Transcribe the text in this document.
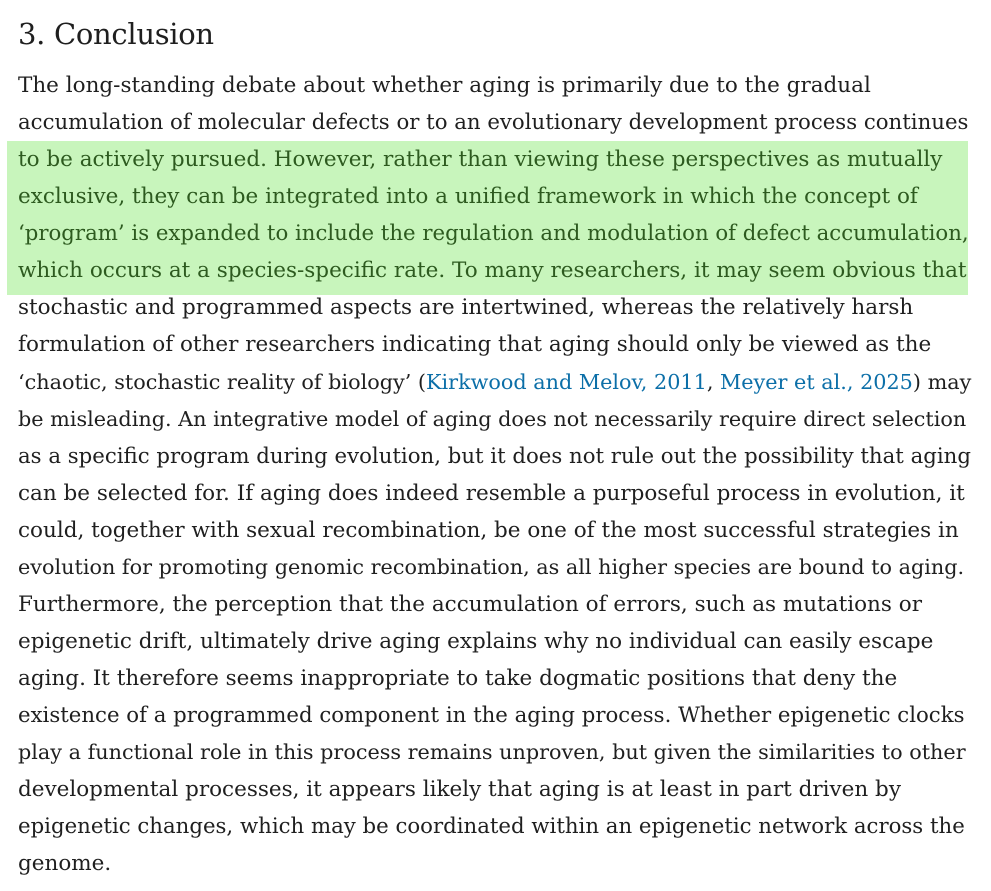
3. Conclusion
The long-standing debate about whether aging is primarily due to the gradual
accumulation of molecular defects or to an evolutionary development process continues
to be actively pursued. However, rather than viewing these perspectives as mutually
exclusive, they can be integrated into a unified framework in which the concept of
‘program’ is expanded to include the regulation and modulation of defect accumulation,
which occurs at a species-specific rate. To many researchers, it may seem obvious that
stochastic and programmed aspects are intertwined, whereas the relatively harsh
formulation of other researchers indicating that aging should only be viewed as the
‘chaotic, stochastic reality of biology’ (Kirkwood and Melov, 2011, Meyer et al., 2025) may
be misleading. An integrative model of aging does not necessarily require direct selection
as a specific program during evolution, but it does not rule out the possibility that aging
can be selected for. If aging does indeed resemble a purposeful process in evolution, it
could, together with sexual recombination, be one of the most successful strategies in
evolution for promoting genomic recombination, as all higher species are bound to aging.
Furthermore, the perception that the accumulation of errors, such as mutations or
epigenetic drift, ultimately drive aging explains why no individual can easily escape
aging. It therefore seems inappropriate to take dogmatic positions that deny the
existence of a programmed component in the aging process. Whether epigenetic clocks
play a functional role in this process remains unproven, but given the similarities to other
developmental processes, it appears likely that aging is at least in part driven by
epigenetic changes, which may be coordinated within an epigenetic network across the
genome.
